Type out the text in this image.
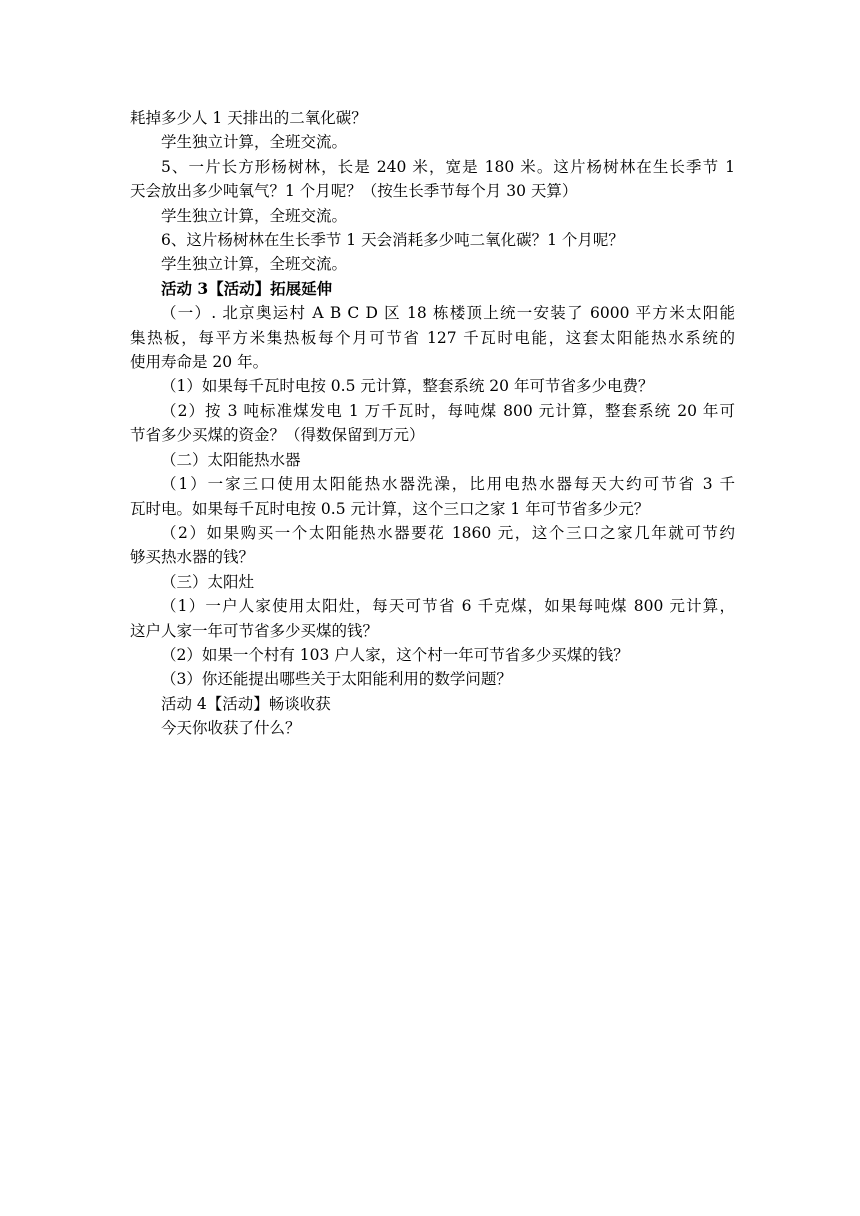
耗掉多少人 1 天排出的二氧化碳？

学生独立计算，全班交流。

5、一片长方形杨树林，长是 240 米，宽是 180 米。这片杨树林在生长季节 1

天会放出多少吨氧气？1 个月呢？（按生长季节每个月 30 天算）

学生独立计算，全班交流。

6、这片杨树林在生长季节 1 天会消耗多少吨二氧化碳？1 个月呢？

学生独立计算，全班交流。

活动 3【活动】拓展延伸

（一）. 北京奥运村 A B C D 区 18 栋楼顶上统一安装了 6000 平方米太阳能

集热板，每平方米集热板每个月可节省 127 千瓦时电能，这套太阳能热水系统的

使用寿命是 20 年。

（1）如果每千瓦时电按 0.5 元计算，整套系统 20 年可节省多少电费？

（2）按 3 吨标准煤发电 1 万千瓦时，每吨煤 800 元计算，整套系统 20 年可

节省多少买煤的资金？（得数保留到万元）

（二）太阳能热水器

（1）一家三口使用太阳能热水器洗澡，比用电热水器每天大约可节省 3 千

瓦时电。如果每千瓦时电按 0.5 元计算，这个三口之家 1 年可节省多少元？

（2）如果购买一个太阳能热水器要花 1860 元，这个三口之家几年就可节约

够买热水器的钱？

（三）太阳灶

（1）一户人家使用太阳灶，每天可节省 6 千克煤，如果每吨煤 800 元计算，

这户人家一年可节省多少买煤的钱？

（2）如果一个村有 103 户人家，这个村一年可节省多少买煤的钱？

（3）你还能提出哪些关于太阳能利用的数学问题？

活动 4【活动】畅谈收获

今天你收获了什么？
